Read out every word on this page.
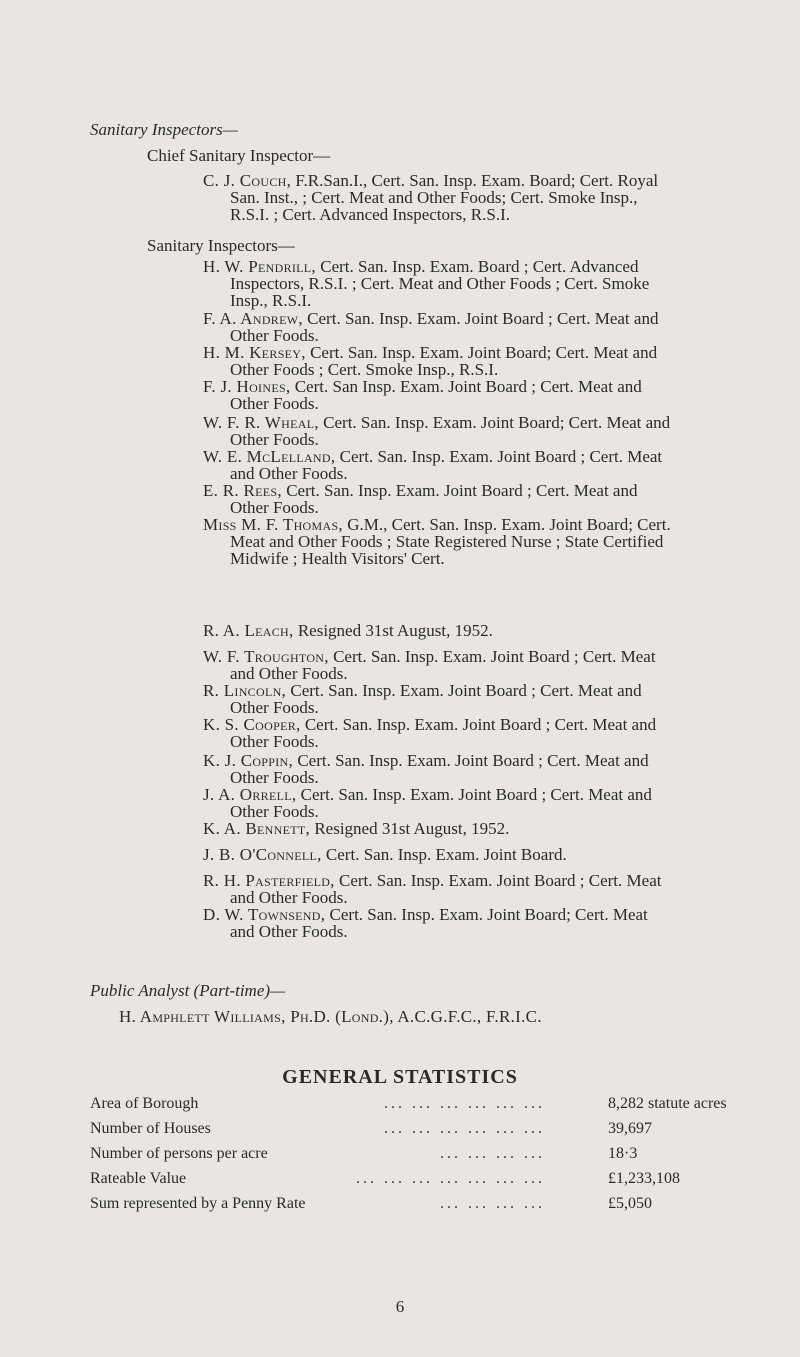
Sanitary Inspectors—
Chief Sanitary Inspector—
C. J. Couch, F.R.San.I., Cert. San. Insp. Exam. Board; Cert. Royal
San. Inst., ; Cert. Meat and Other Foods; Cert. Smoke Insp.,
R.S.I. ; Cert. Advanced Inspectors, R.S.I.
Sanitary Inspectors—
H. W. Pendrill, Cert. San. Insp. Exam. Board ; Cert. Advanced
Inspectors, R.S.I. ; Cert. Meat and Other Foods ; Cert. Smoke
Insp., R.S.I.
F. A. Andrew, Cert. San. Insp. Exam. Joint Board ; Cert. Meat and
Other Foods.
H. M. Kersey, Cert. San. Insp. Exam. Joint Board; Cert. Meat and
Other Foods ; Cert. Smoke Insp., R.S.I.
F. J. Hoines, Cert. San Insp. Exam. Joint Board ; Cert. Meat and
Other Foods.
W. F. R. Wheal, Cert. San. Insp. Exam. Joint Board; Cert. Meat and
Other Foods.
W. E. McLelland, Cert. San. Insp. Exam. Joint Board ; Cert. Meat
and Other Foods.
E. R. Rees, Cert. San. Insp. Exam. Joint Board ; Cert. Meat and
Other Foods.
Miss M. F. Thomas, G.M., Cert. San. Insp. Exam. Joint Board; Cert.
Meat and Other Foods ; State Registered Nurse ; State Certified
Midwife ; Health Visitors' Cert.
R. A. Leach, Resigned 31st August, 1952.
W. F. Troughton, Cert. San. Insp. Exam. Joint Board ; Cert. Meat
and Other Foods.
R. Lincoln, Cert. San. Insp. Exam. Joint Board ; Cert. Meat and
Other Foods.
K. S. Cooper, Cert. San. Insp. Exam. Joint Board ; Cert. Meat and
Other Foods.
K. J. Coppin, Cert. San. Insp. Exam. Joint Board ; Cert. Meat and
Other Foods.
J. A. Orrell, Cert. San. Insp. Exam. Joint Board ; Cert. Meat and
Other Foods.
K. A. Bennett, Resigned 31st August, 1952.
J. B. O'Connell, Cert. San. Insp. Exam. Joint Board.
R. H. Pasterfield, Cert. San. Insp. Exam. Joint Board ; Cert. Meat
and Other Foods.
D. W. Townsend, Cert. San. Insp. Exam. Joint Board; Cert. Meat
and Other Foods.
Public Analyst (Part-time)—
H. Amphlett Williams, Ph.D. (Lond.), A.C.G.F.C., F.R.I.C.
GENERAL STATISTICS
Area of Borough	... ... ... ... ... ...	8,282 statute acres
Number of Houses	... ... ... ... ... ...	39,697
Number of persons per acre	... ... ... ...	18·3
Rateable Value	... ... ... ... ... ... ...	£1,233,108
Sum represented by a Penny Rate	... ... ... ...	£5,050
6
